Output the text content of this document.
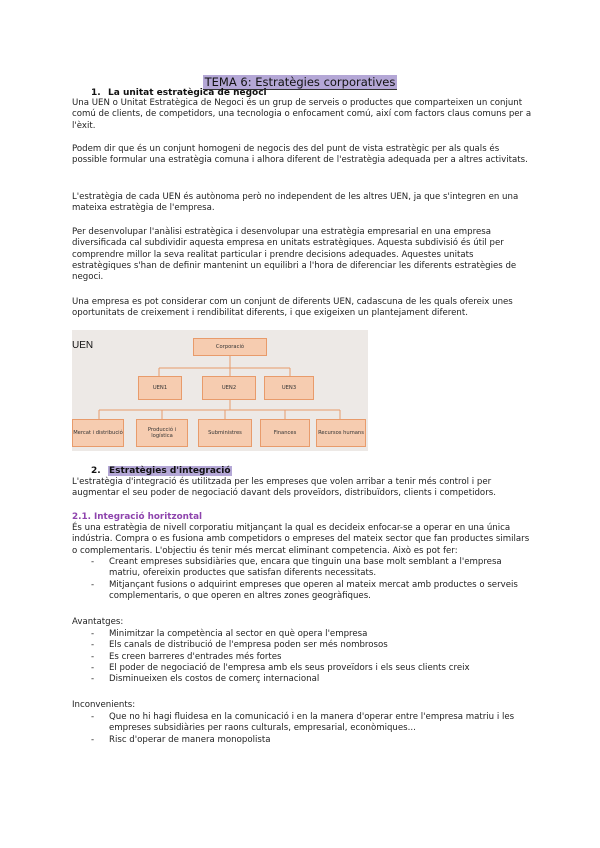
TEMA 6: Estratègies corporatives
1. La unitat estratègica de negoci

Una UEN o Unitat Estratègica de Negoci és un grup de serveis o productes que comparteixen un conjunt comú de clients, de competidors, una tecnologia o enfocament comú, així com factors claus comuns per a l'èxit.

Podem dir que és un conjunt homogeni de negocis des del punt de vista estratègic per als quals és possible formular una estratègia comuna i alhora diferent de l'estratègia adequada per a altres activitats.

L'estratègia de cada UEN és autònoma però no independent de les altres UEN, ja que s'integren en una mateixa estratègia de l'empresa.

Per desenvolupar l'anàlisi estratègica i desenvolupar una estratègia empresarial en una empresa diversificada cal subdividir aquesta empresa en unitats estratègiques. Aquesta subdivisió és útil per comprendre millor la seva realitat particular i prendre decisions adequades. Aquestes unitats estratègiques s'han de definir mantenint un equilibri a l'hora de diferenciar les diferents estratègies de negoci.

Una empresa es pot considerar com un conjunt de diferents UEN, cadascuna de les quals ofereix unes oportunitats de creixement i rendibilitat diferents, i que exigeixen un plantejament diferent.

UEN	Corporació
UEN1	UEN2	UEN3
Mercat i distribució	Producció i logística	Subministres	Finances	Recursos humans
2. Estratègies d'integració

L'estratègia d'integració és utilitzada per les empreses que volen arribar a tenir més control i per augmentar el seu poder de negociació davant dels proveïdors, distribuïdors, clients i competidors.

2.1. Integració horitzontal

És una estratègia de nivell corporatiu mitjançant la qual es decideix enfocar-se a operar en una única indústria. Compra o es fusiona amb competidors o empreses del mateix sector que fan productes similars o complementaris. L'objectiu és tenir més mercat eliminant competencia. Això es pot fer:

- Creant empreses subsidiàries que, encara que tinguin una base molt semblant a l'empresa matriu, ofereixin productes que satisfan diferents necessitats.
- Mitjançant fusions o adquirint empreses que operen al mateix mercat amb productes o serveis complementaris, o que operen en altres zones geogràfiques.

Avantatges:

- Minimitzar la competència al sector en què opera l'empresa
- Els canals de distribució de l'empresa poden ser més nombrosos
- Es creen barreres d'entrades més fortes
- El poder de negociació de l'empresa amb els seus proveïdors i els seus clients creix
- Disminueixen els costos de comerç internacional

Inconvenients:

- Que no hi hagi fluidesa en la comunicació i en la manera d'operar entre l'empresa matriu i les empreses subsidiàries per raons culturals, empresarial, econòmiques...
- Risc d'operar de manera monopolista
